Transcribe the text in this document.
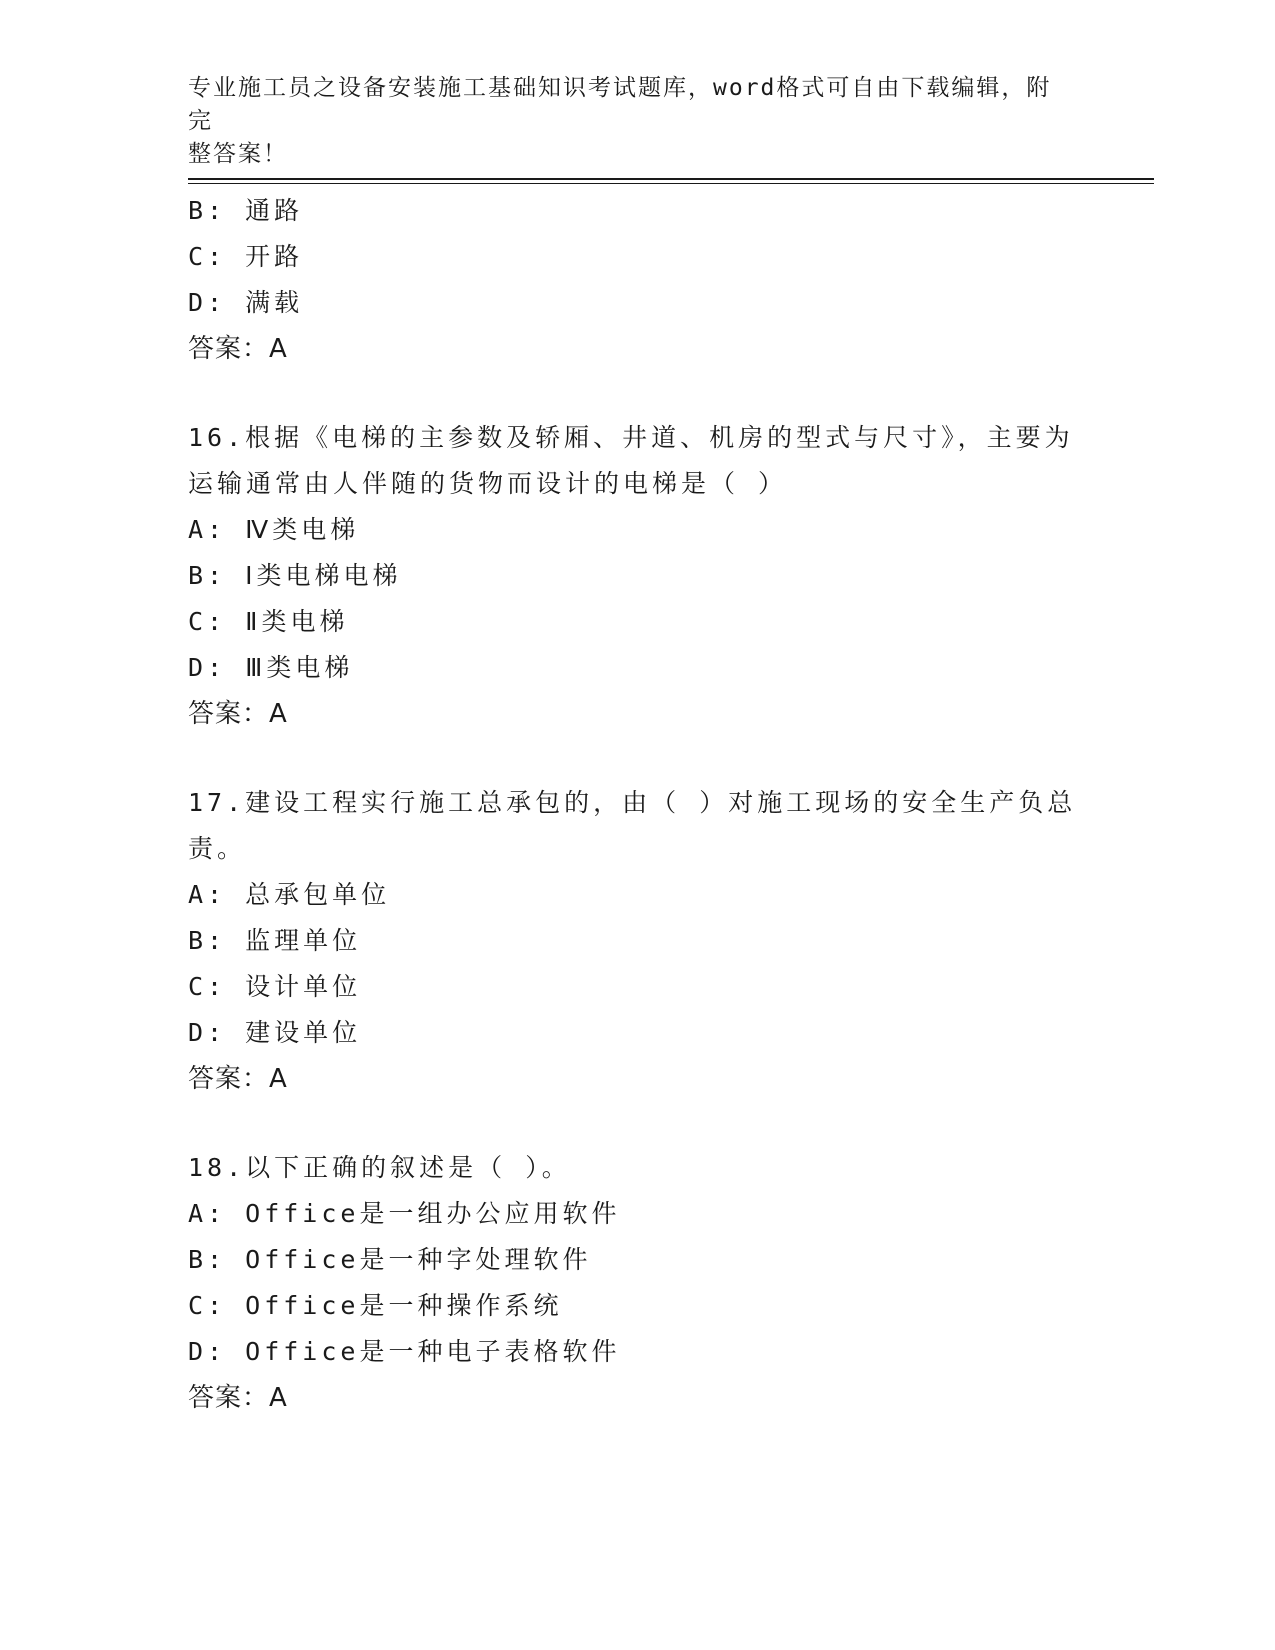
专业施工员之设备安装施工基础知识考试题库，word格式可自由下载编辑，附完
整答案！
B: 通路
C: 开路
D: 满载
答案：A
16.根据《电梯的主参数及轿厢、井道、机房的型式与尺寸》，主要为
运输通常由人伴随的货物而设计的电梯是（ ）
A: Ⅳ类电梯
B: Ⅰ类电梯电梯
C: Ⅱ类电梯
D: Ⅲ类电梯
答案：A
17.建设工程实行施工总承包的，由（ ）对施工现场的安全生产负总
责。
A: 总承包单位
B: 监理单位
C: 设计单位
D: 建设单位
答案：A
18.以下正确的叙述是（ ）。
A: Office是一组办公应用软件
B: Office是一种字处理软件
C: Office是一种操作系统
D: Office是一种电子表格软件
答案：A
